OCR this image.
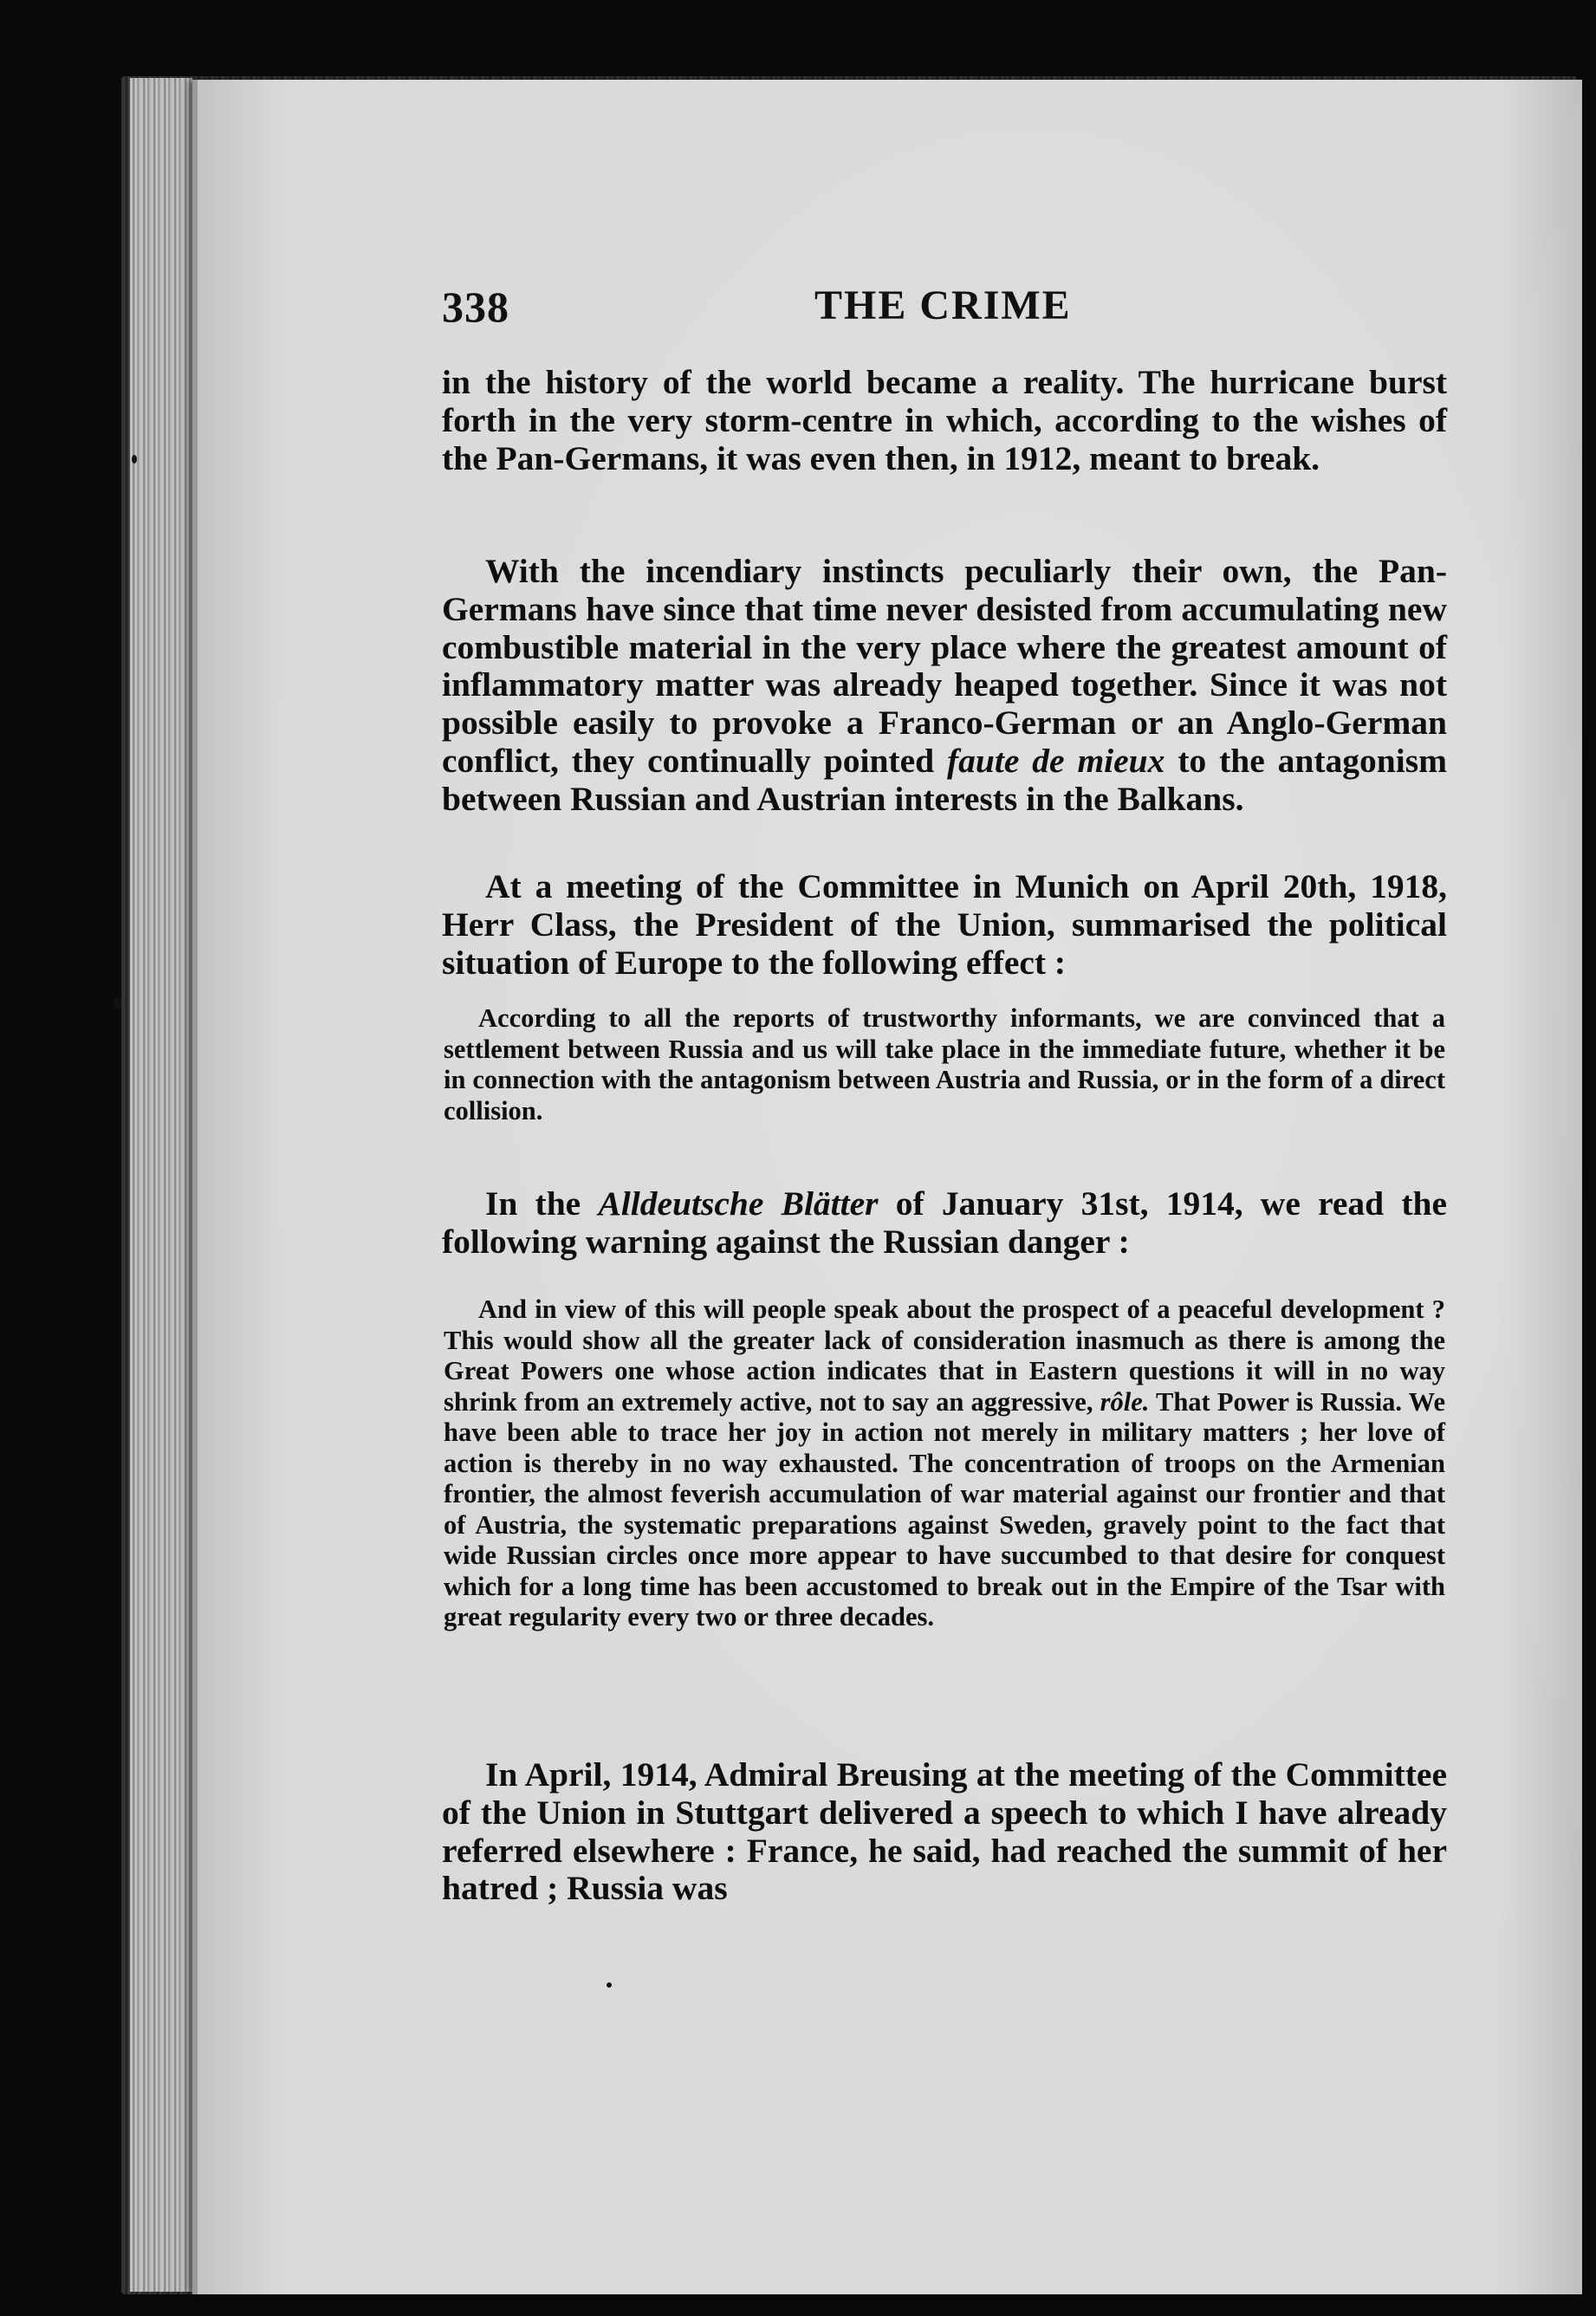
338	THE CRIME

in the history of the world became a reality. The hurricane burst forth in the very storm-centre in which, according to the wishes of the Pan-Germans, it was even then, in 1912, meant to break.

With the incendiary instincts peculiarly their own, the Pan-Germans have since that time never desisted from accumulating new combustible material in the very place where the greatest amount of inflammatory matter was already heaped together. Since it was not possible easily to provoke a Franco-German or an Anglo-German conflict, they continually pointed faute de mieux to the antagonism between Russian and Austrian interests in the Balkans.

At a meeting of the Committee in Munich on April 20th, 1918, Herr Class, the President of the Union, summarised the political situation of Europe to the following effect :

According to all the reports of trustworthy informants, we are convinced that a settlement between Russia and us will take place in the immediate future, whether it be in connection with the antagonism between Austria and Russia, or in the form of a direct collision.

In the Alldeutsche Blätter of January 31st, 1914, we read the following warning against the Russian danger :

And in view of this will people speak about the prospect of a peaceful development ? This would show all the greater lack of consideration inasmuch as there is among the Great Powers one whose action indicates that in Eastern questions it will in no way shrink from an extremely active, not to say an aggressive, rôle. That Power is Russia. We have been able to trace her joy in action not merely in military matters ; her love of action is thereby in no way exhausted. The concentration of troops on the Armenian frontier, the almost feverish accumulation of war material against our frontier and that of Austria, the systematic preparations against Sweden, gravely point to the fact that wide Russian circles once more appear to have succumbed to that desire for conquest which for a long time has been accustomed to break out in the Empire of the Tsar with great regularity every two or three decades.

In April, 1914, Admiral Breusing at the meeting of the Committee of the Union in Stuttgart delivered a speech to which I have already referred elsewhere : France, he said, had reached the summit of her hatred ; Russia was
